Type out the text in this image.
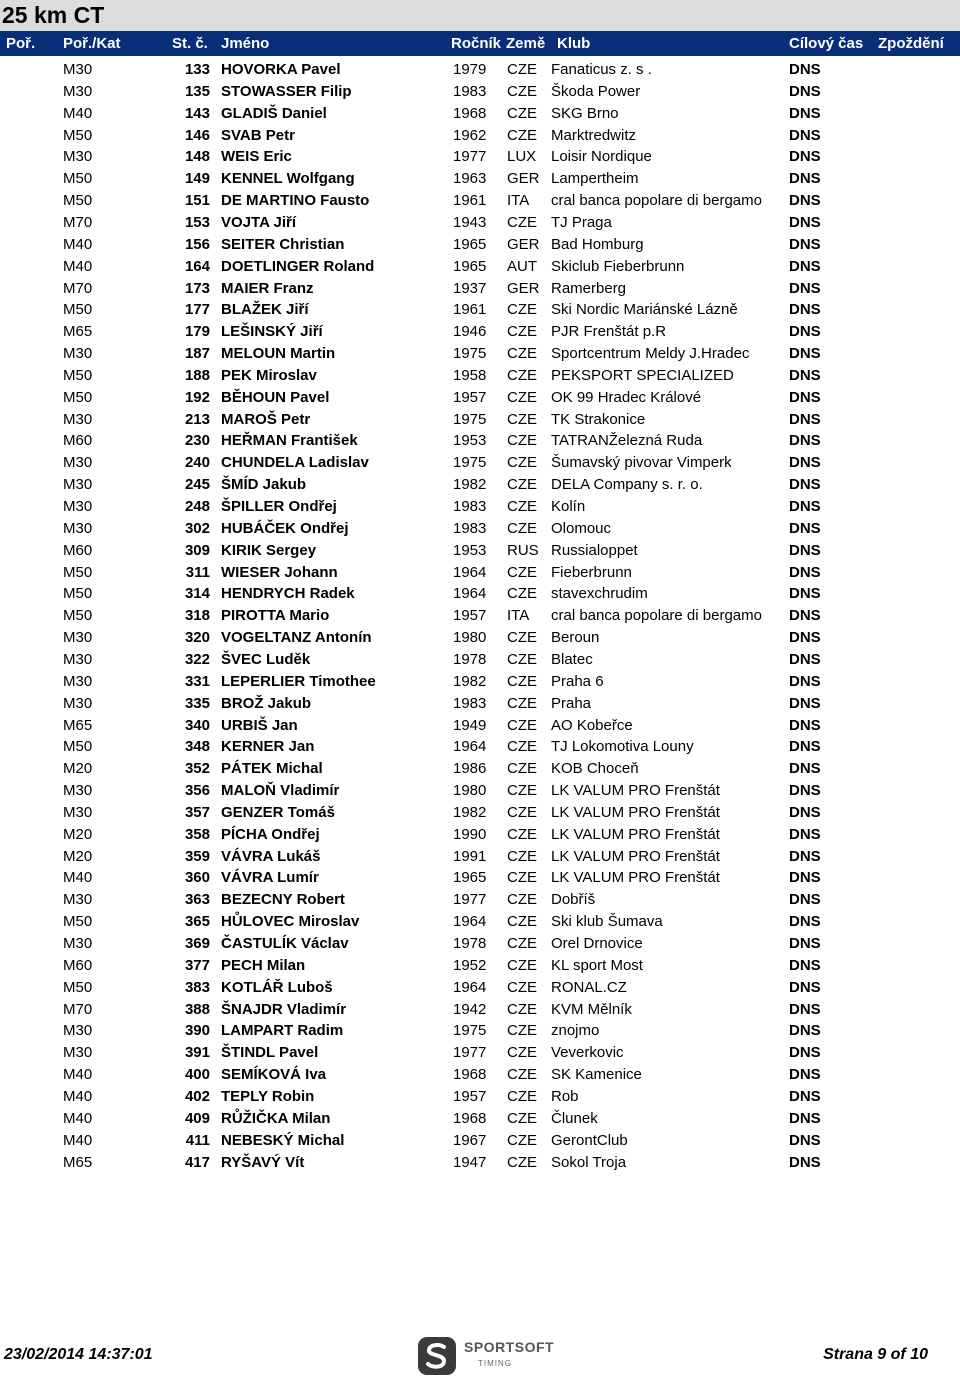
25 km CT
Poř. Poř./Kat	St. č. Jméno	Ročník Země Klub	Cílový čas Zpoždění
M30	133 HOVORKA Pavel	1979 CZE Fanaticus z. s .	DNS
M30	135 STOWASSER Filip	1983 CZE Škoda Power	DNS
M40	143 GLADIŠ Daniel	1968 CZE SKG Brno	DNS
M50	146 SVAB Petr	1962 CZE Marktredwitz	DNS
M30	148 WEIS Eric	1977 LUX Loisir Nordique	DNS
M50	149 KENNEL Wolfgang	1963 GER Lampertheim	DNS
M50	151 DE MARTINO Fausto	1961 ITA cral banca popolare di bergamo DNS
M70	153 VOJTA Jiří	1943 CZE TJ Praga	DNS
M40	156 SEITER Christian	1965 GER Bad Homburg	DNS
M40	164 DOETLINGER Roland	1965 AUT Skiclub Fieberbrunn	DNS
M70	173 MAIER Franz	1937 GER Ramerberg	DNS
M50	177 BLAŽEK Jiří	1961 CZE Ski Nordic Mariánské Lázně	DNS
M65	179 LEŠINSKÝ Jiří	1946 CZE PJR Frenštát p.R	DNS
M30	187 MELOUN Martin	1975 CZE Sportcentrum Meldy J.Hradec	DNS
M50	188 PEK Miroslav	1958 CZE PEKSPORT SPECIALIZED	DNS
M50	192 BĚHOUN Pavel	1957 CZE OK 99 Hradec Králové	DNS
M30	213 MAROŠ Petr	1975 CZE TK Strakonice	DNS
M60	230 HEŘMAN František	1953 CZE TATRANŽelezná Ruda	DNS
M30	240 CHUNDELA Ladislav	1975 CZE Šumavský pivovar Vimperk	DNS
M30	245 ŠMÍD Jakub	1982 CZE DELA Company s. r. o.	DNS
M30	248 ŠPILLER Ondřej	1983 CZE Kolín	DNS
M30	302 HUBÁČEK Ondřej	1983 CZE Olomouc	DNS
M60	309 KIRIK Sergey	1953 RUS Russialoppet	DNS
M50	311 WIESER Johann	1964 CZE Fieberbrunn	DNS
M50	314 HENDRYCH Radek	1964 CZE stavexchrudim	DNS
M50	318 PIROTTA Mario	1957 ITA cral banca popolare di bergamo DNS
M30	320 VOGELTANZ Antonín	1980 CZE Beroun	DNS
M30	322 ŠVEC Luděk	1978 CZE Blatec	DNS
M30	331 LEPERLIER Timothee	1982 CZE Praha 6	DNS
M30	335 BROŽ Jakub	1983 CZE Praha	DNS
M65	340 URBIŠ Jan	1949 CZE AO Kobeřce	DNS
M50	348 KERNER Jan	1964 CZE TJ Lokomotiva Louny	DNS
M20	352 PÁTEK Michal	1986 CZE KOB Choceň	DNS
M30	356 MALOŇ Vladimír	1980 CZE LK VALUM PRO Frenštát	DNS
M30	357 GENZER Tomáš	1982 CZE LK VALUM PRO Frenštát	DNS
M20	358 PÍCHA Ondřej	1990 CZE LK VALUM PRO Frenštát	DNS
M20	359 VÁVRA Lukáš	1991 CZE LK VALUM PRO Frenštát	DNS
M40	360 VÁVRA Lumír	1965 CZE LK VALUM PRO Frenštát	DNS
M30	363 BEZECNY Robert	1977 CZE Dobříš	DNS
M50	365 HŮLOVEC Miroslav	1964 CZE Ski klub Šumava	DNS
M30	369 ČASTULÍK Václav	1978 CZE Orel Drnovice	DNS
M60	377 PECH Milan	1952 CZE KL sport Most	DNS
M50	383 KOTLÁŘ Luboš	1964 CZE RONAL.CZ	DNS
M70	388 ŠNAJDR Vladimír	1942 CZE KVM Mělník	DNS
M30	390 LAMPART Radim	1975 CZE znojmo	DNS
M30	391 ŠTINDL Pavel	1977 CZE Veverkovic	DNS
M40	400 SEMÍKOVÁ Iva	1968 CZE SK Kamenice	DNS
M40	402 TEPLY Robin	1957 CZE Rob	DNS
M40	409 RŮŽIČKA Milan	1968 CZE Člunek	DNS
M40	411 NEBESKÝ Michal	1967 CZE GerontClub	DNS
M65	417 RYŠAVÝ Vít	1947 CZE Sokol Troja	DNS
23/02/2014 14:37:01	SPORTSOFT
TIMING
Strana 9 of 10
